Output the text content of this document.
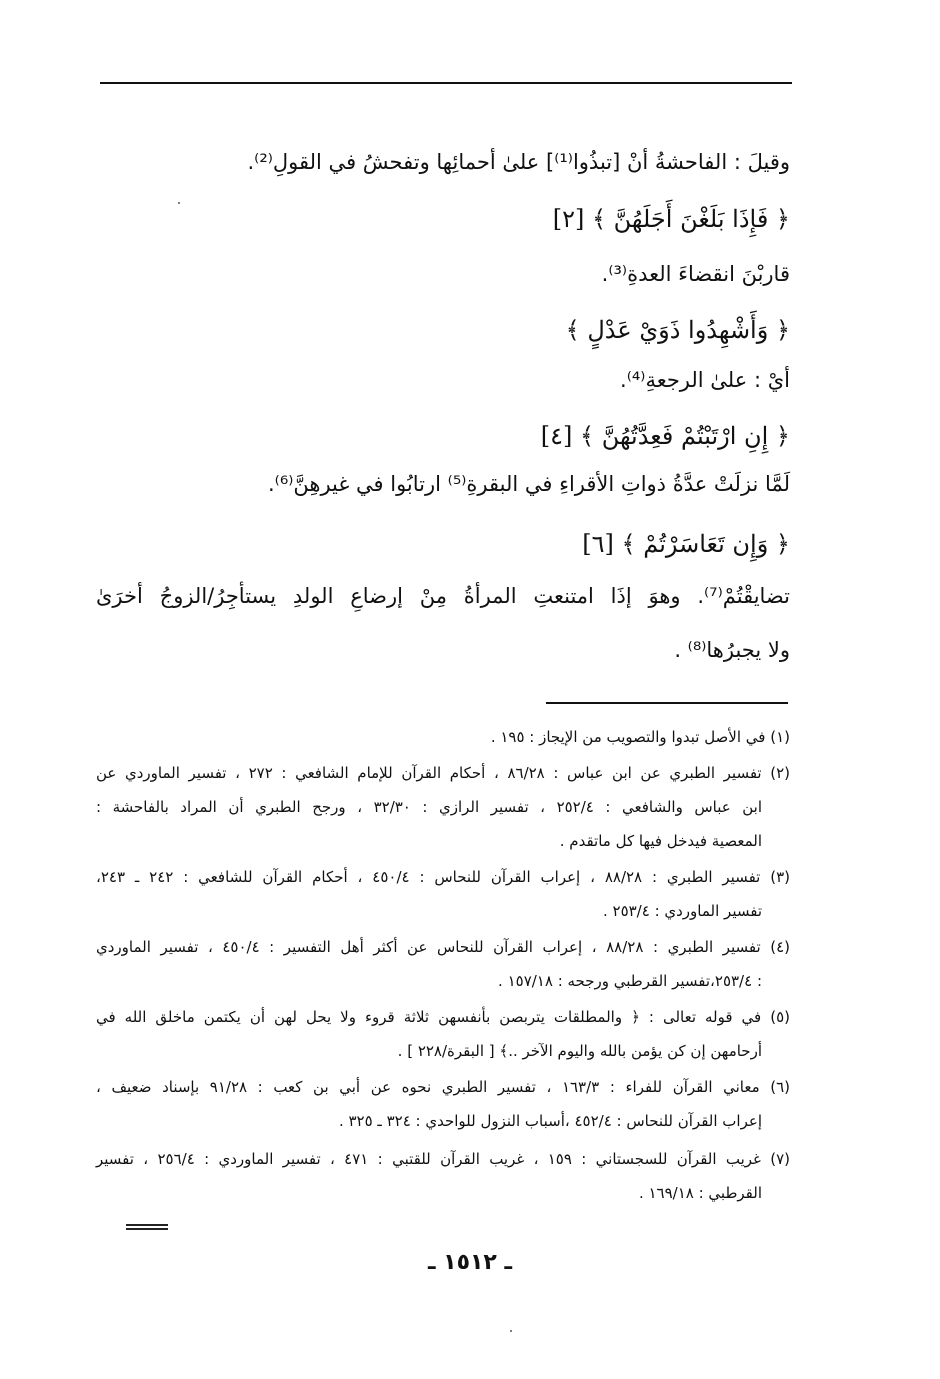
وقيلَ : الفاحشةُ أنْ [تبذُوا⁽¹⁾] علىٰ أحمائِها وتفحشُ في القولِ⁽²⁾.
﴿ فَإِذَا بَلَغْنَ أَجَلَهُنَّ ﴾ [٢]
قاربْنَ انقضاءَ العدةِ⁽³⁾.
﴿ وَأَشْهِدُوا ذَوَيْ عَدْلٍ ﴾
أيْ : علىٰ الرجعةِ⁽⁴⁾.
﴿ إِنِ ارْتَبْتُمْ فَعِدَّتُهُنَّ ﴾ [٤]
لَمَّا نزلَتْ عدَّةُ ذواتِ الأقراءِ في البقرةِ⁽⁵⁾ ارتابُوا في غيرهِنَّ⁽⁶⁾.
﴿ وَإِن تَعَاسَرْتُمْ ﴾ [٦]
تضايقْتُمْ⁽⁷⁾. وهوَ إذَا امتنعتِ المرأةُ مِنْ إرضاعِ الولدِ يستأجِرُ/الزوجُ أخرَىٰ
ولا يجبرُها⁽⁸⁾ .
(١) في الأصل تبدوا والتصويب من الإيجاز : ١٩٥ .
(٢) تفسير الطبري عن ابن عباس : ٨٦/٢٨ ، أحكام القرآن للإمام الشافعي : ٢٧٢ ، تفسير الماوردي عن
ابن عباس والشافعي : ٢٥٢/٤ ، تفسير الرازي : ٣٢/٣٠ ، ورجح الطبري أن المراد بالفاحشة :
المعصية فيدخل فيها كل ماتقدم .
(٣) تفسير الطبري : ٨٨/٢٨ ، إعراب القرآن للنحاس : ٤٥٠/٤ ، أحكام القرآن للشافعي : ٢٤٢ ـ ٢٤٣،
تفسير الماوردي : ٢٥٣/٤ .
(٤) تفسير الطبري : ٨٨/٢٨ ، إعراب القرآن للنحاس عن أكثر أهل التفسير : ٤٥٠/٤ ، تفسير الماوردي
: ٢٥٣/٤،تفسير القرطبي ورجحه : ١٥٧/١٨ .
(٥) في قوله تعالى : ﴿ والمطلقات يتربصن بأنفسهن ثلاثة قروء ولا يحل لهن أن يكتمن ماخلق الله في
أرحامهن إن كن يؤمن بالله واليوم الآخر ..﴾ [ البقرة/٢٢٨ ] .
(٦) معاني القرآن للفراء : ١٦٣/٣ ، تفسير الطبري نحوه عن أبي بن كعب : ٩١/٢٨ بإسناد ضعيف ،
إعراب القرآن للنحاس : ٤٥٢/٤ ،أسباب النزول للواحدي : ٣٢٤ ـ ٣٢٥ .
(٧) غريب القرآن للسجستاني : ١٥٩ ، غريب القرآن للقتبي : ٤٧١ ، تفسير الماوردي : ٢٥٦/٤ ، تفسير
القرطبي : ١٦٩/١٨ .
ـ ١٥١٢ ـ
